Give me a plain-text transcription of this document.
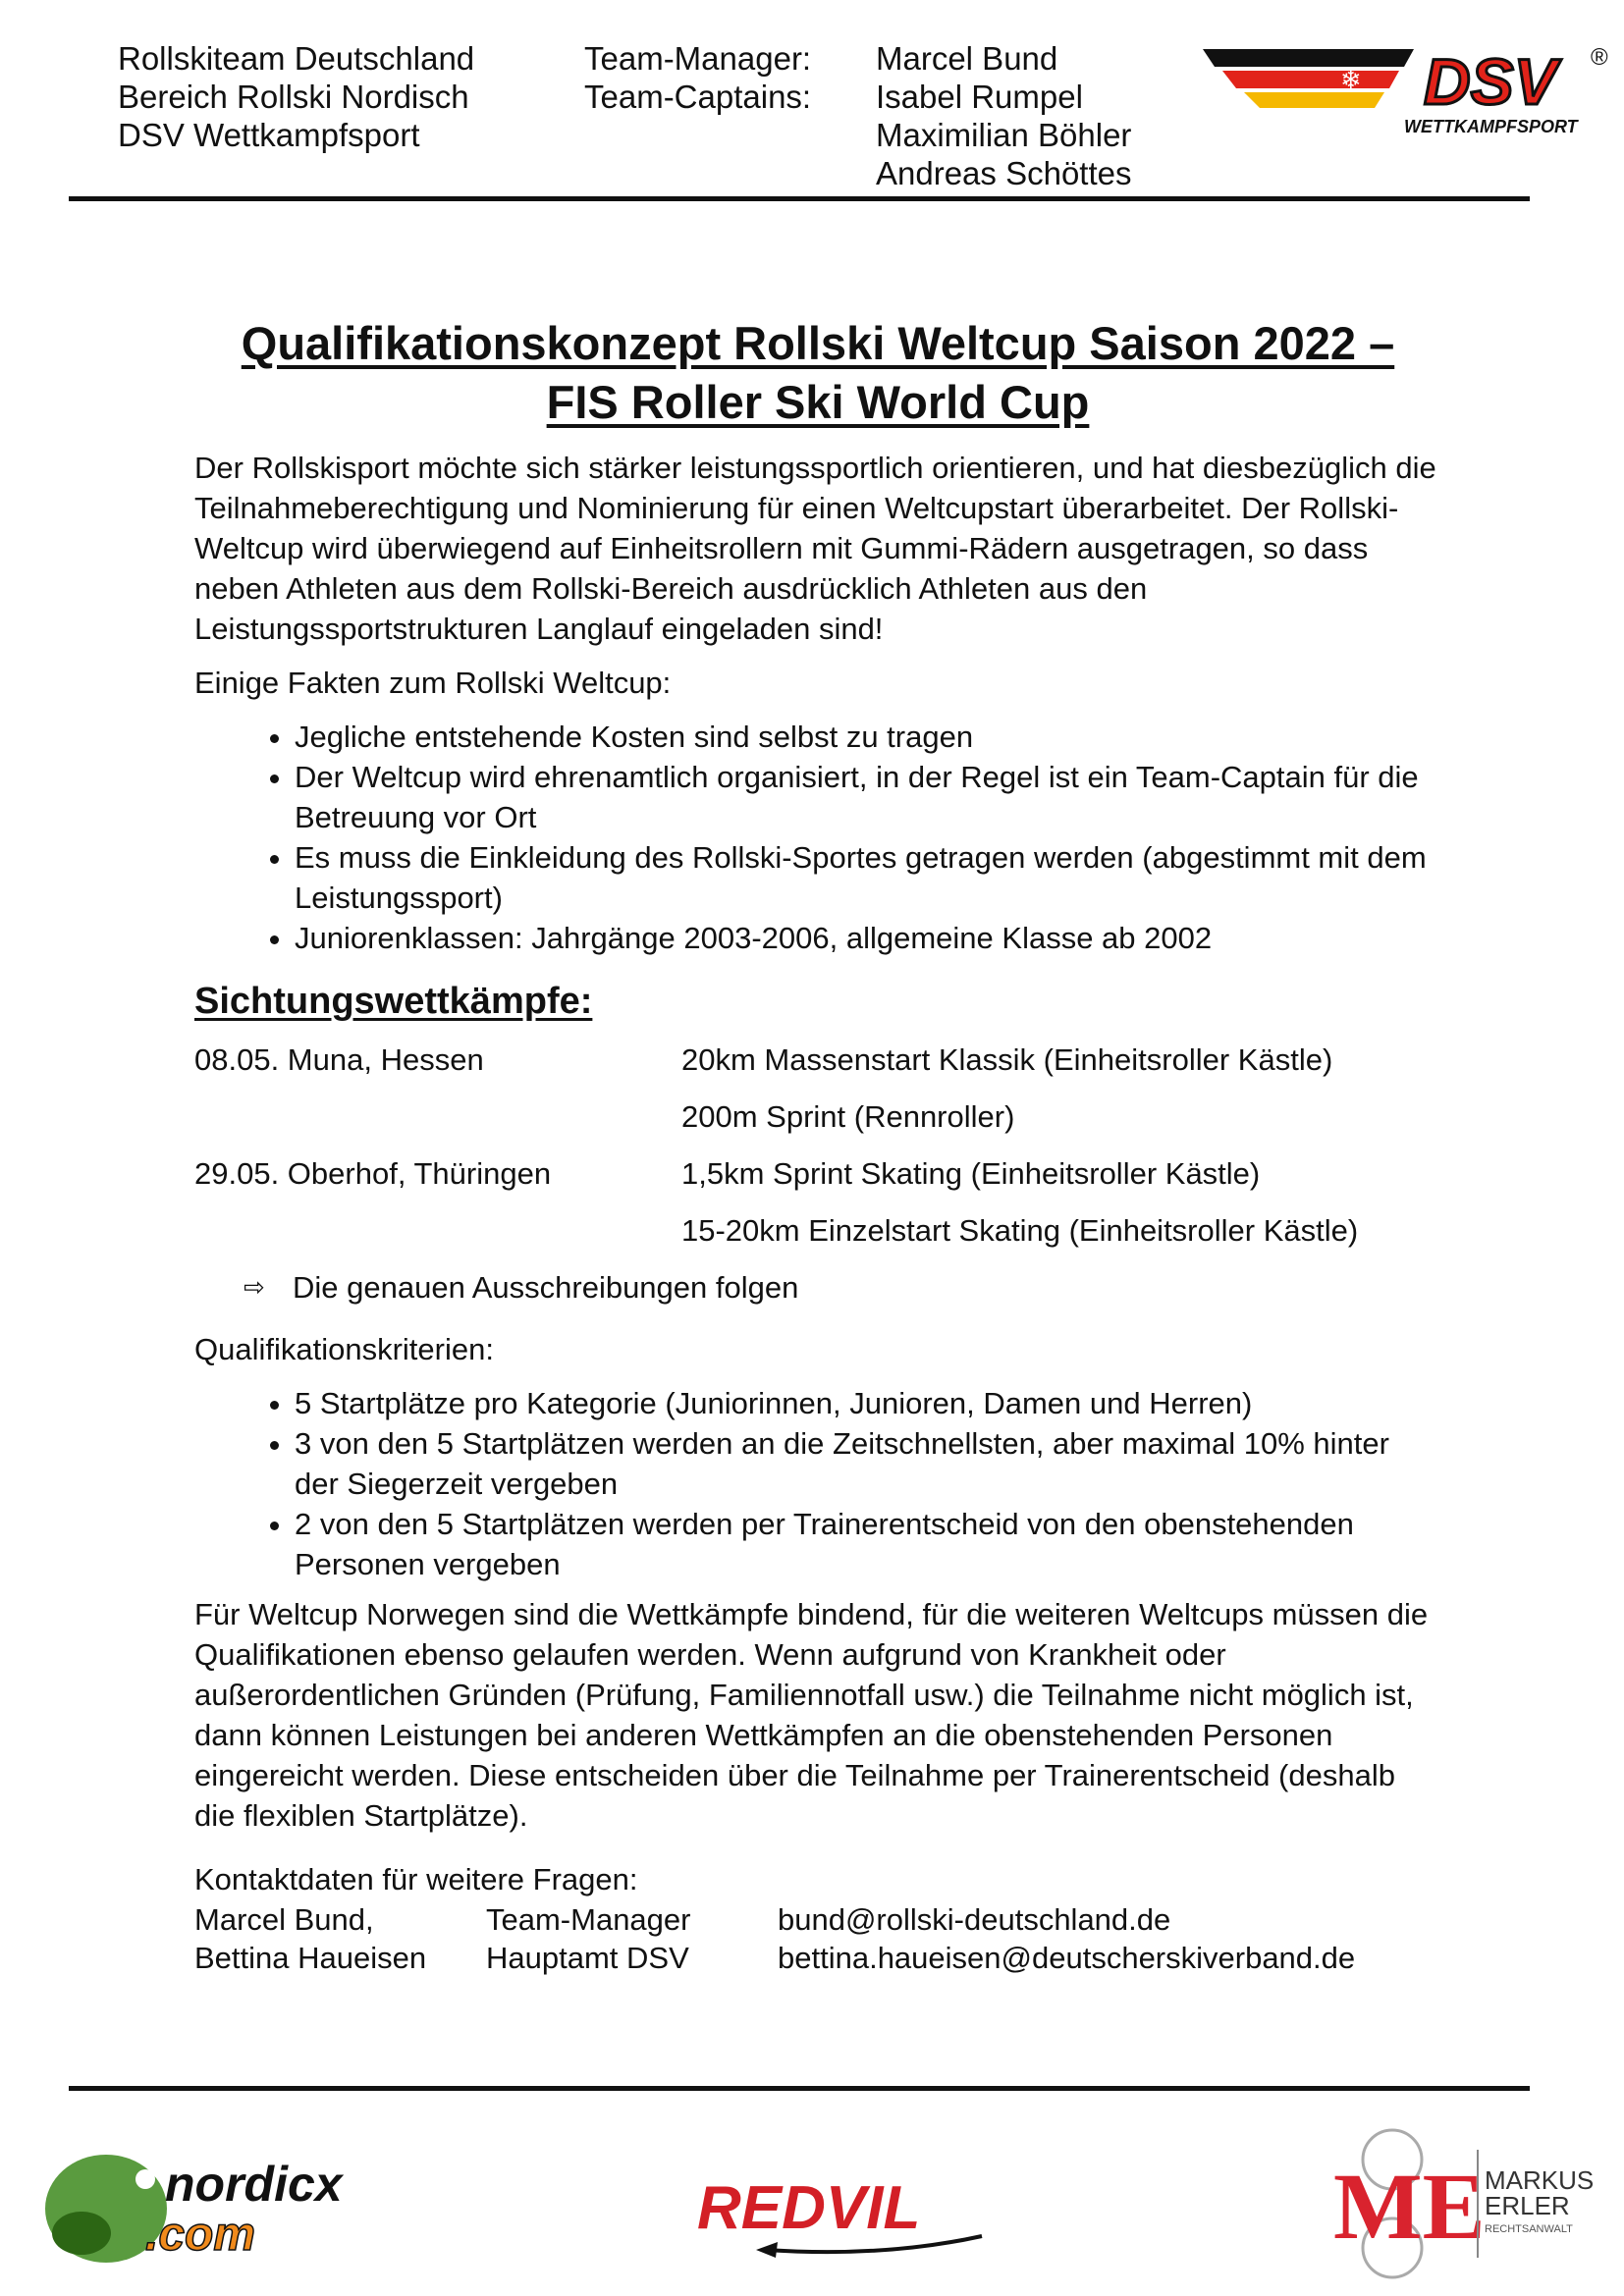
Rollskiteam Deutschland
Bereich Rollski Nordisch
DSV Wettkampfsport
Team-Manager:
Team-Captains:
Marcel Bund
Isabel Rumpel
Maximilian Böhler
Andreas Schöttes
DSV
❄
®
WETTKAMPFSPORT
Qualifikationskonzept Rollski Weltcup Saison 2022 –
FIS Roller Ski World Cup

Der Rollskisport möchte sich stärker leistungssportlich orientieren, und hat diesbezüglich die Teilnahmeberechtigung und Nominierung für einen Weltcupstart überarbeitet. Der Rollski-Weltcup wird überwiegend auf Einheitsrollern mit Gummi-Rädern ausgetragen, so dass neben Athleten aus dem Rollski-Bereich ausdrücklich Athleten aus den Leistungssportstrukturen Langlauf eingeladen sind!

Einige Fakten zum Rollski Weltcup:

• Jegliche entstehende Kosten sind selbst zu tragen
• Der Weltcup wird ehrenamtlich organisiert, in der Regel ist ein Team-Captain für die Betreuung vor Ort
• Es muss die Einkleidung des Rollski-Sportes getragen werden (abgestimmt mit dem Leistungssport)
• Juniorenklassen: Jahrgänge 2003-2006, allgemeine Klasse ab 2002
Sichtungswettkämpfe:
08.05. Muna, Hessen	20km Massenstart Klassik (Einheitsroller Kästle)
200m Sprint (Rennroller)
29.05. Oberhof, Thüringen	1,5km Sprint Skating (Einheitsroller Kästle)
15-20km Einzelstart Skating (Einheitsroller Kästle)
⇨ Die genauen Ausschreibungen folgen

Qualifikationskriterien:

• 5 Startplätze pro Kategorie (Juniorinnen, Junioren, Damen und Herren)
• 3 von den 5 Startplätzen werden an die Zeitschnellsten, aber maximal 10% hinter der Siegerzeit vergeben
• 2 von den 5 Startplätzen werden per Trainerentscheid von den obenstehenden Personen vergeben

Für Weltcup Norwegen sind die Wettkämpfe bindend, für die weiteren Weltcups müssen die Qualifikationen ebenso gelaufen werden. Wenn aufgrund von Krankheit oder außerordentlichen Gründen (Prüfung, Familiennotfall usw.) die Teilnahme nicht möglich ist, dann können Leistungen bei anderen Wettkämpfen an die obenstehenden Personen eingereicht werden. Diese entscheiden über die Teilnahme per Trainerentscheid (deshalb die flexiblen Startplätze).

Kontaktdaten für weitere Fragen:
Marcel Bund,	Team-Manager	bund@rollski-deutschland.de
Bettina Haueisen	Hauptamt DSV	bettina.haueisen@deutscherskiverband.de
nordicx
.com	REDVIL	ME MARKUS
ERLER
RECHTSANWALT
